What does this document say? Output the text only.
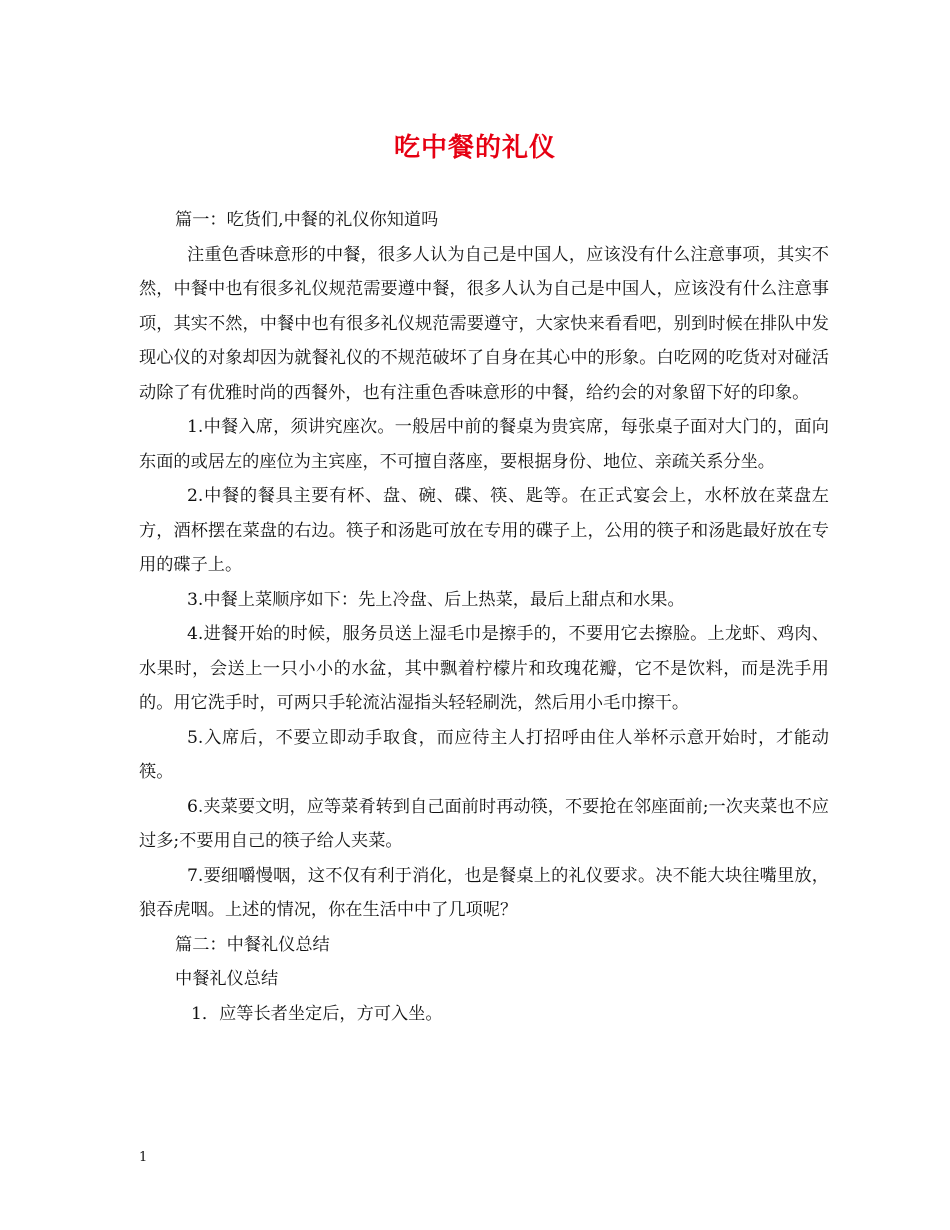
吃中餐的礼仪

篇一：吃货们,中餐的礼仪你知道吗

注重色香味意形的中餐，很多人认为自己是中国人，应该没有什么注意事项，其实不然，中餐中也有很多礼仪规范需要遵中餐，很多人认为自己是中国人，应该没有什么注意事项，其实不然，中餐中也有很多礼仪规范需要遵守，大家快来看看吧，别到时候在排队中发现心仪的对象却因为就餐礼仪的不规范破坏了自身在其心中的形象。白吃网的吃货对对碰活动除了有优雅时尚的西餐外，也有注重色香味意形的中餐，给约会的对象留下好的印象。

1.中餐入席，须讲究座次。一般居中前的餐桌为贵宾席，每张桌子面对大门的，面向东面的或居左的座位为主宾座，不可擅自落座，要根据身份、地位、亲疏关系分坐。

2.中餐的餐具主要有杯、盘、碗、碟、筷、匙等。在正式宴会上，水杯放在菜盘左方，酒杯摆在菜盘的右边。筷子和汤匙可放在专用的碟子上，公用的筷子和汤匙最好放在专用的碟子上。

3.中餐上菜顺序如下：先上冷盘、后上热菜，最后上甜点和水果。

4.进餐开始的时候，服务员送上湿毛巾是擦手的，不要用它去擦脸。上龙虾、鸡肉、水果时，会送上一只小小的水盆，其中飘着柠檬片和玫瑰花瓣，它不是饮料，而是洗手用的。用它洗手时，可两只手轮流沾湿指头轻轻刷洗，然后用小毛巾擦干。

5.入席后，不要立即动手取食，而应待主人打招呼由住人举杯示意开始时，才能动筷。

6.夹菜要文明，应等菜肴转到自己面前时再动筷，不要抢在邻座面前;一次夹菜也不应过多;不要用自己的筷子给人夹菜。

7.要细嚼慢咽，这不仅有利于消化，也是餐桌上的礼仪要求。决不能大块往嘴里放，狼吞虎咽。上述的情况，你在生活中中了几项呢？

篇二：中餐礼仪总结

中餐礼仪总结

1．应等长者坐定后，方可入坐。

1
